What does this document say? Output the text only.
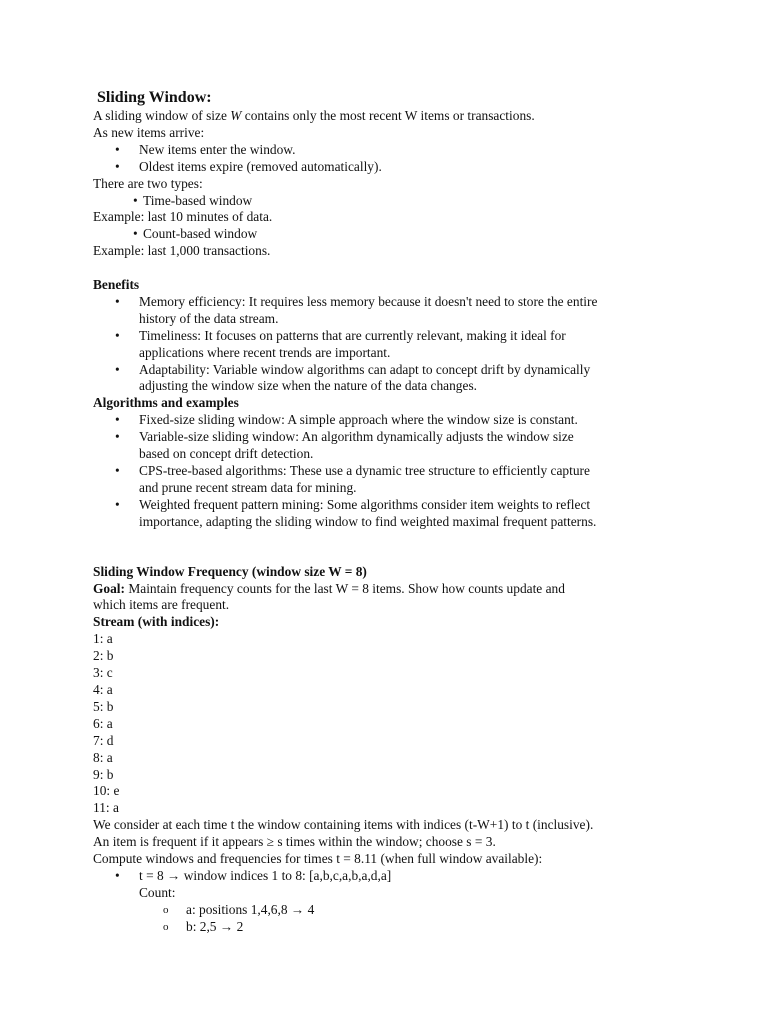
Sliding Window:
A sliding window of size W contains only the most recent W items or transactions.
As new items arrive:
• New items enter the window.
• Oldest items expire (removed automatically).
There are two types:
• Time-based window
Example: last 10 minutes of data.
• Count-based window
Example: last 1,000 transactions.
Benefits
• Memory efficiency: It requires less memory because it doesn't need to store the entire
history of the data stream.
• Timeliness: It focuses on patterns that are currently relevant, making it ideal for
applications where recent trends are important.
• Adaptability: Variable window algorithms can adapt to concept drift by dynamically
adjusting the window size when the nature of the data changes.
Algorithms and examples
• Fixed-size sliding window: A simple approach where the window size is constant.
• Variable-size sliding window: An algorithm dynamically adjusts the window size
based on concept drift detection.
• CPS-tree-based algorithms: These use a dynamic tree structure to efficiently capture
and prune recent stream data for mining.
• Weighted frequent pattern mining: Some algorithms consider item weights to reflect
importance, adapting the sliding window to find weighted maximal frequent patterns.
Sliding Window Frequency (window size W = 8)
Goal: Maintain frequency counts for the last W = 8 items. Show how counts update and
which items are frequent.
Stream (with indices):
1: a
2: b
3: c
4: a
5: b
6: a
7: d
8: a
9: b
10: e
11: a
We consider at each time t the window containing items with indices (t-W+1) to t (inclusive).
An item is frequent if it appears ≥ s times within the window; choose s = 3.
Compute windows and frequencies for times t = 8.11 (when full window available):
• t = 8 → window indices 1 to 8: [a,b,c,a,b,a,d,a]
Count:
o a: positions 1,4,6,8 → 4
o b: 2,5 → 2
